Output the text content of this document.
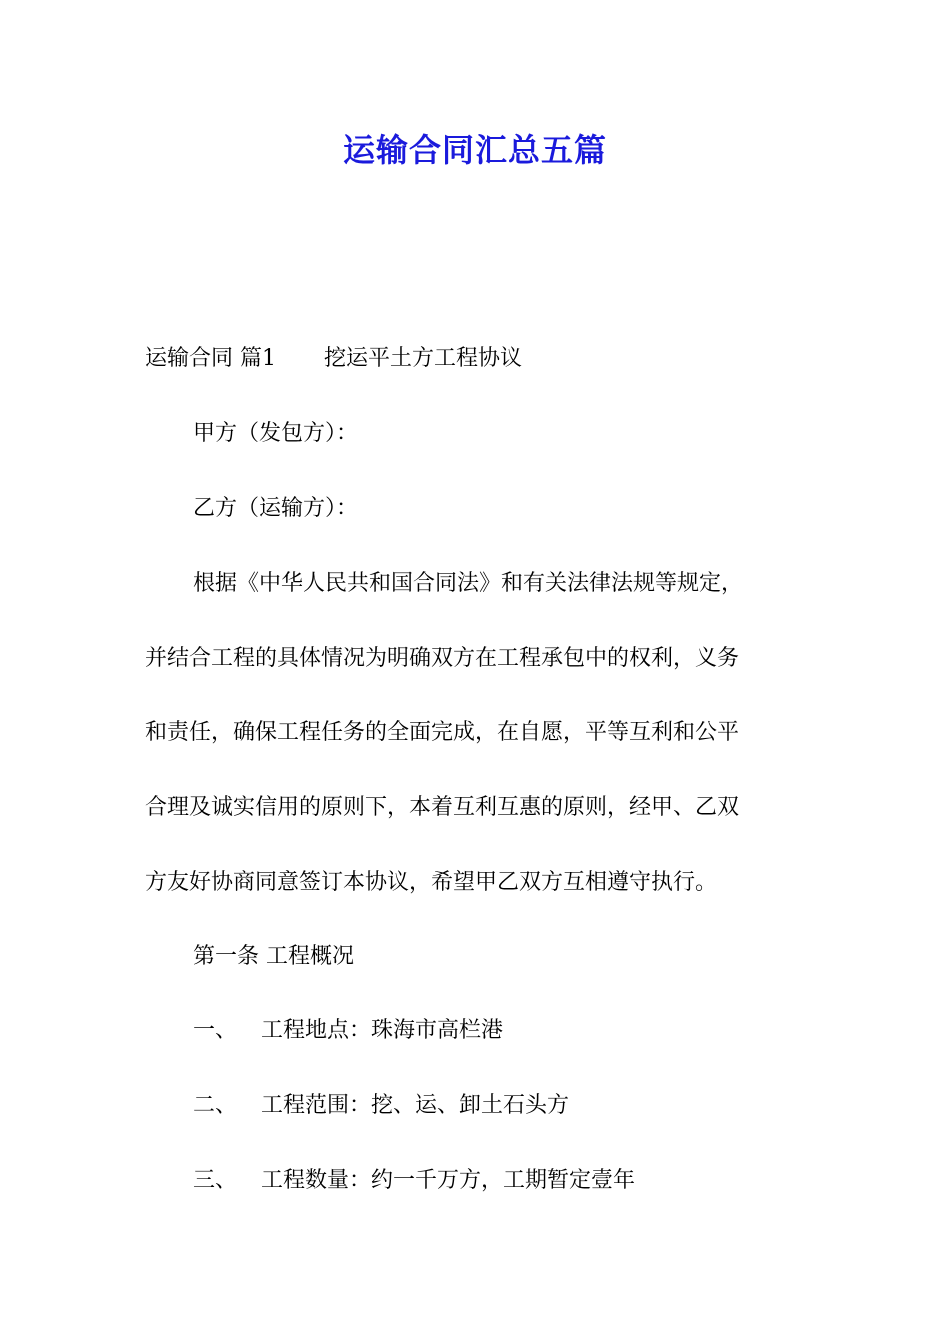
运输合同汇总五篇
运输合同 篇1 挖运平土方工程协议
甲方（发包方）：
乙方（运输方）：
根据《中华人民共和国合同法》和有关法律法规等规定，
并结合工程的具体情况为明确双方在工程承包中的权利，义务
和责任，确保工程任务的全面完成，在自愿，平等互利和公平
合理及诚实信用的原则下，本着互利互惠的原则，经甲、乙双
方友好协商同意签订本协议，希望甲乙双方互相遵守执行。
第一条 工程概况
一、 工程地点：珠海市高栏港
二、 工程范围：挖、运、卸土石头方
三、 工程数量：约一千万方，工期暂定壹年
